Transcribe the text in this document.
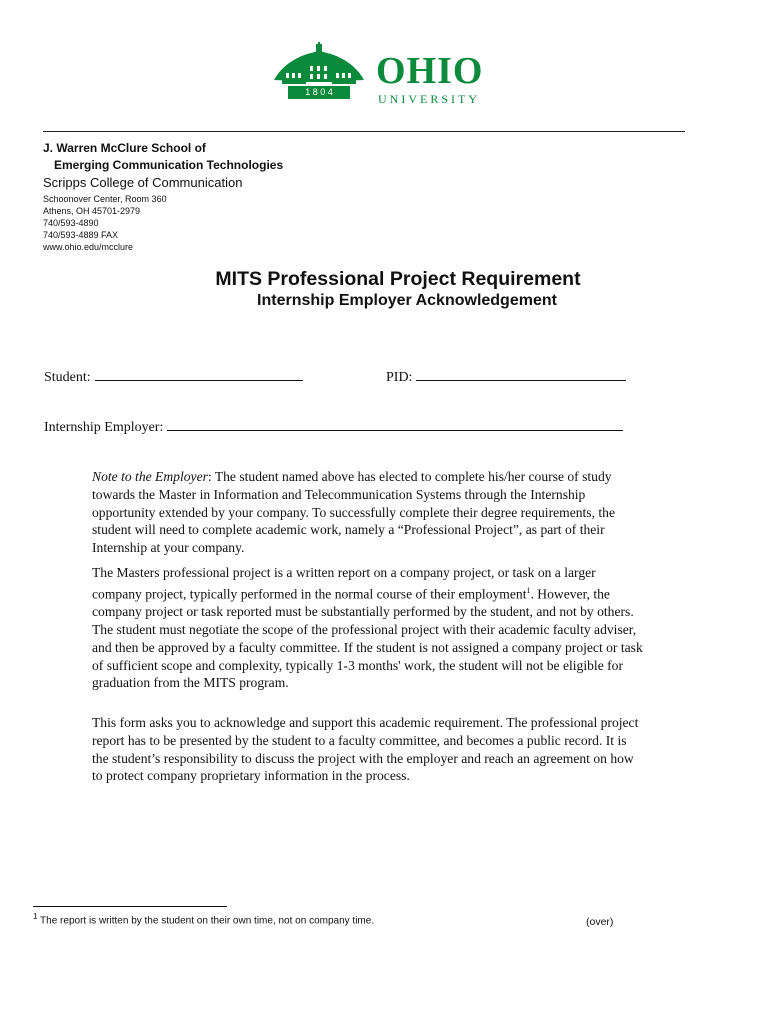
1 8 0 4	OHIO
UNIVERSITY
J. Warren McClure School of
Emerging Communication Technologies
Scripps College of Communication
Schoonover Center, Room 360
Athens, OH 45701-2979
740/593-4890
740/593-4889 FAX
www.ohio.edu/mcclure
MITS Professional Project Requirement
Internship Employer Acknowledgement
Student:	PID:
Internship Employer:

Note to the Employer: The student named above has elected to complete his/her course of study towards the Master in Information and Telecommunication Systems through the Internship opportunity extended by your company. To successfully complete their degree requirements, the student will need to complete academic work, namely a “Professional Project”, as part of their Internship at your company.

The Masters professional project is a written report on a company project, or task on a larger company project, typically performed in the normal course of their employment$^1$. However, the company project or task reported must be substantially performed by the student, and not by others. The student must negotiate the scope of the professional project with their academic faculty adviser, and then be approved by a faculty committee. If the student is not assigned a company project or task of sufficient scope and complexity, typically 1-3 months' work, the student will not be eligible for graduation from the MITS program.

This form asks you to acknowledge and support this academic requirement. The professional project report has to be presented by the student to a faculty committee, and becomes a public record. It is the student’s responsibility to discuss the project with the employer and reach an agreement on how to protect company proprietary information in the process.

$^1$ The report is written by the student on their own time, not on company time.	(over)
